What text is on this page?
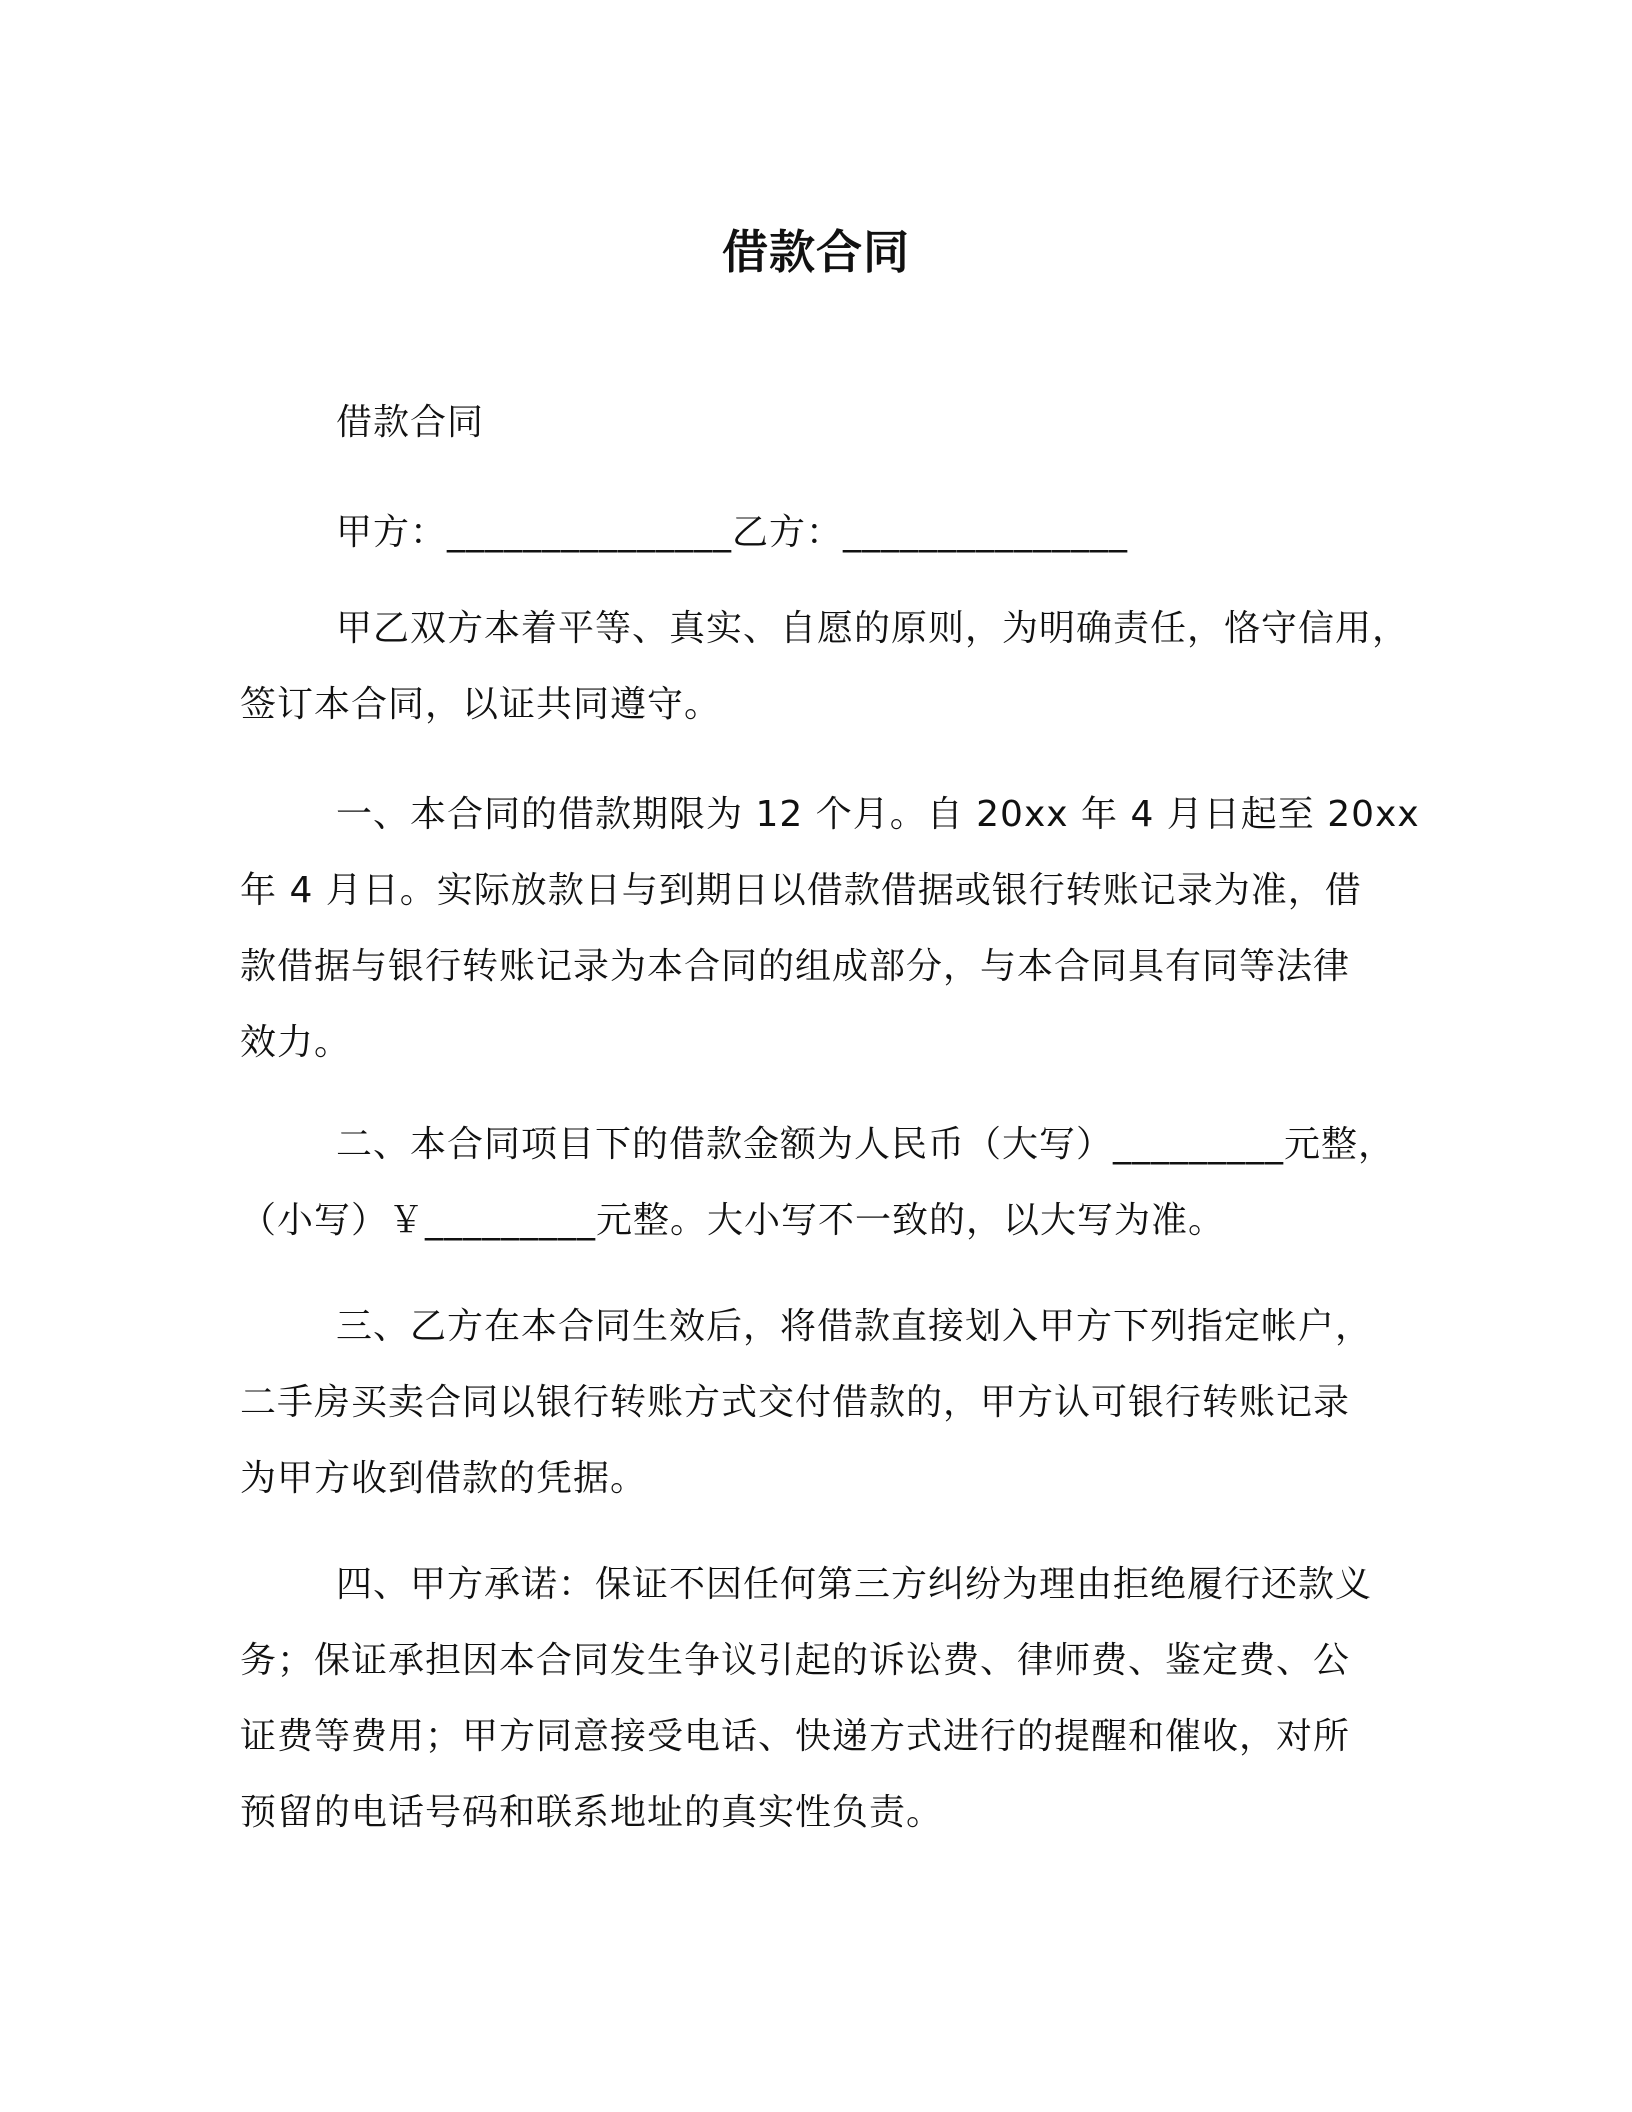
借款合同
借款合同
甲方：_______________乙方：_______________
甲乙双方本着平等、真实、自愿的原则，为明确责任，恪守信用，
签订本合同，以证共同遵守。
一、本合同的借款期限为 12 个月。自 20xx 年 4 月日起至 20xx
年 4 月日。实际放款日与到期日以借款借据或银行转账记录为准，借
款借据与银行转账记录为本合同的组成部分，与本合同具有同等法律
效力。
二、本合同项目下的借款金额为人民币（大写）_________元整，
（小写）￥_________元整。大小写不一致的，以大写为准。
三、乙方在本合同生效后，将借款直接划入甲方下列指定帐户，
二手房买卖合同以银行转账方式交付借款的，甲方认可银行转账记录
为甲方收到借款的凭据。
四、甲方承诺：保证不因任何第三方纠纷为理由拒绝履行还款义
务；保证承担因本合同发生争议引起的诉讼费、律师费、鉴定费、公
证费等费用；甲方同意接受电话、快递方式进行的提醒和催收，对所
预留的电话号码和联系地址的真实性负责。
